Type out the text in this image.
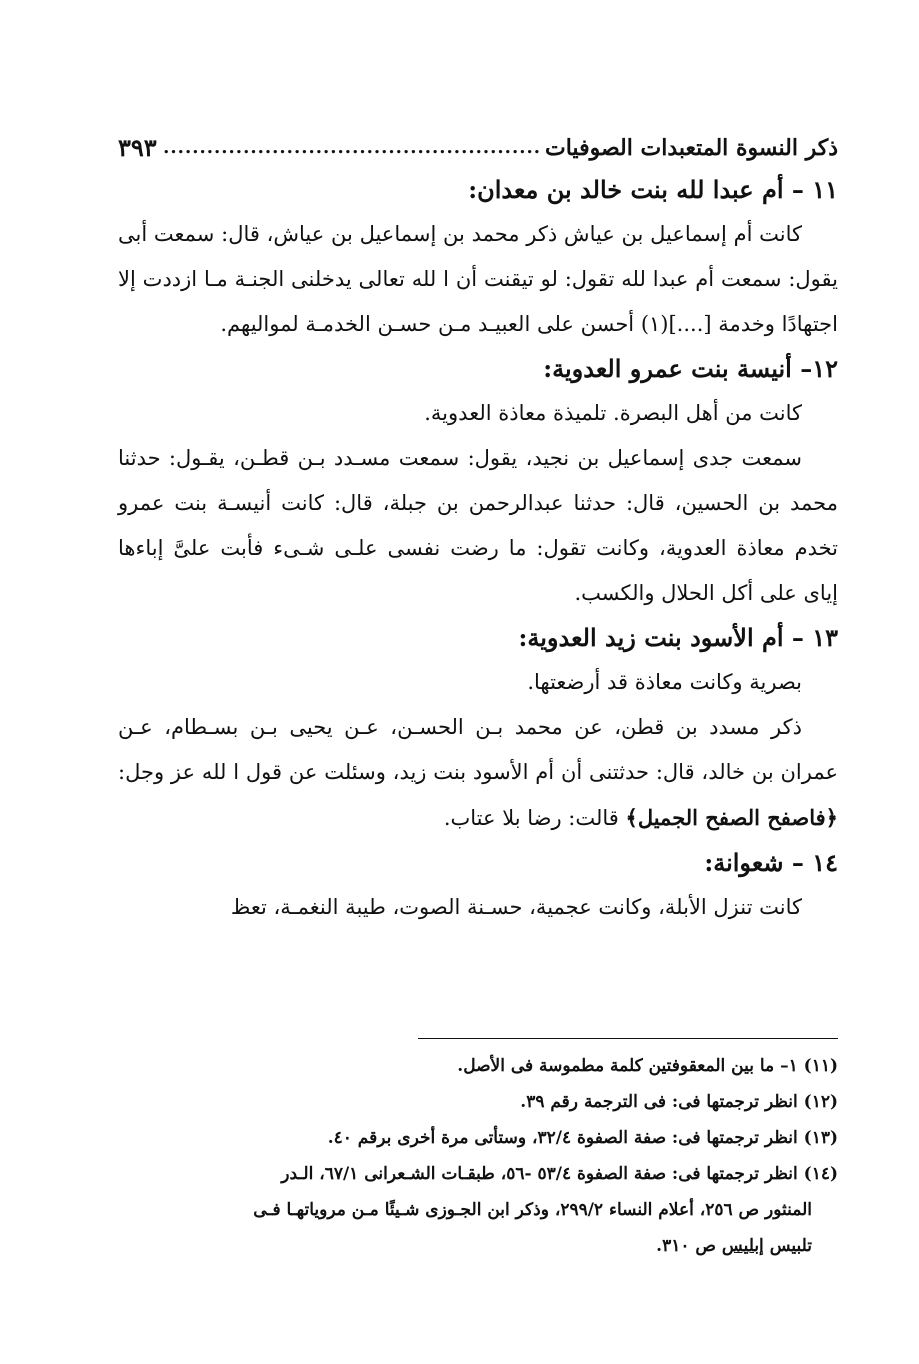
ذكر النسوة المتعبدات الصوفيات
....................................................
٣٩٣

١١ – أم عبدا لله بنت خالد بن معدان:

كانت أم إسماعيل بن عياش ذكر محمد بن إسماعيل بن عياش، قال: سمعت أبى يقول: سمعت أم عبدا لله تقول: لو تيقنت أن ا لله تعالى يدخلنى الجنـة مـا ازددت إلا اجتهادًا وخدمة [....](١) أحسن على العبيـد مـن حسـن الخدمـة لمواليهم.

١٢– أنيسة بنت عمرو العدوية:

كانت من أهل البصرة. تلميذة معاذة العدوية.

سمعت جدى إسماعيل بن نجيد، يقول: سمعت مسـدد بـن قطـن، يقـول: حدثنا محمد بن الحسين، قال: حدثنا عبدالرحمن بن جبلة، قال: كانت أنيسـة بنت عمرو تخدم معاذة العدوية، وكانت تقول: ما رضت نفسى علـى شـىء فأبت علىَّ إباءها إياى على أكل الحلال والكسب.

١٣ – أم الأسود بنت زيد العدوية:

بصرية وكانت معاذة قد أرضعتها.

ذكر مسدد بن قطن، عن محمد بـن الحسـن، عـن يحيى بـن بسـطام، عـن عمران بن خالد، قال: حدثتنى أن أم الأسود بنت زيد، وسئلت عن قول ا لله عز وجل: ﴿فاصفح الصفح الجميل﴾ قالت: رضا بلا عتاب.

١٤ – شعوانة:

كانت تنزل الأبلة، وكانت عجمية، حسـنة الصوت، طيبة النغمـة، تعظ

(١١) ١– ما بين المعقوفتين كلمة مطموسة فى الأصل.

(١٢) انظر ترجمتها فى: فى الترجمة رقم ٣٩.

(١٣) انظر ترجمتها فى: صفة الصفوة ٣٢/٤، وستأتى مرة أخرى برقم ٤٠.

(١٤) انظر ترجمتها فى: صفة الصفوة ٥٣/٤ -٥٦، طبقـات الشـعرانى ٦٧/١، الـدر

المنثور ص ٢٥٦، أعلام النساء ٢٩٩/٢، وذكر ابن الجـوزى شـيئًا مـن مروياتهـا فـى

تلبيس إبليس ص ٣١٠.
